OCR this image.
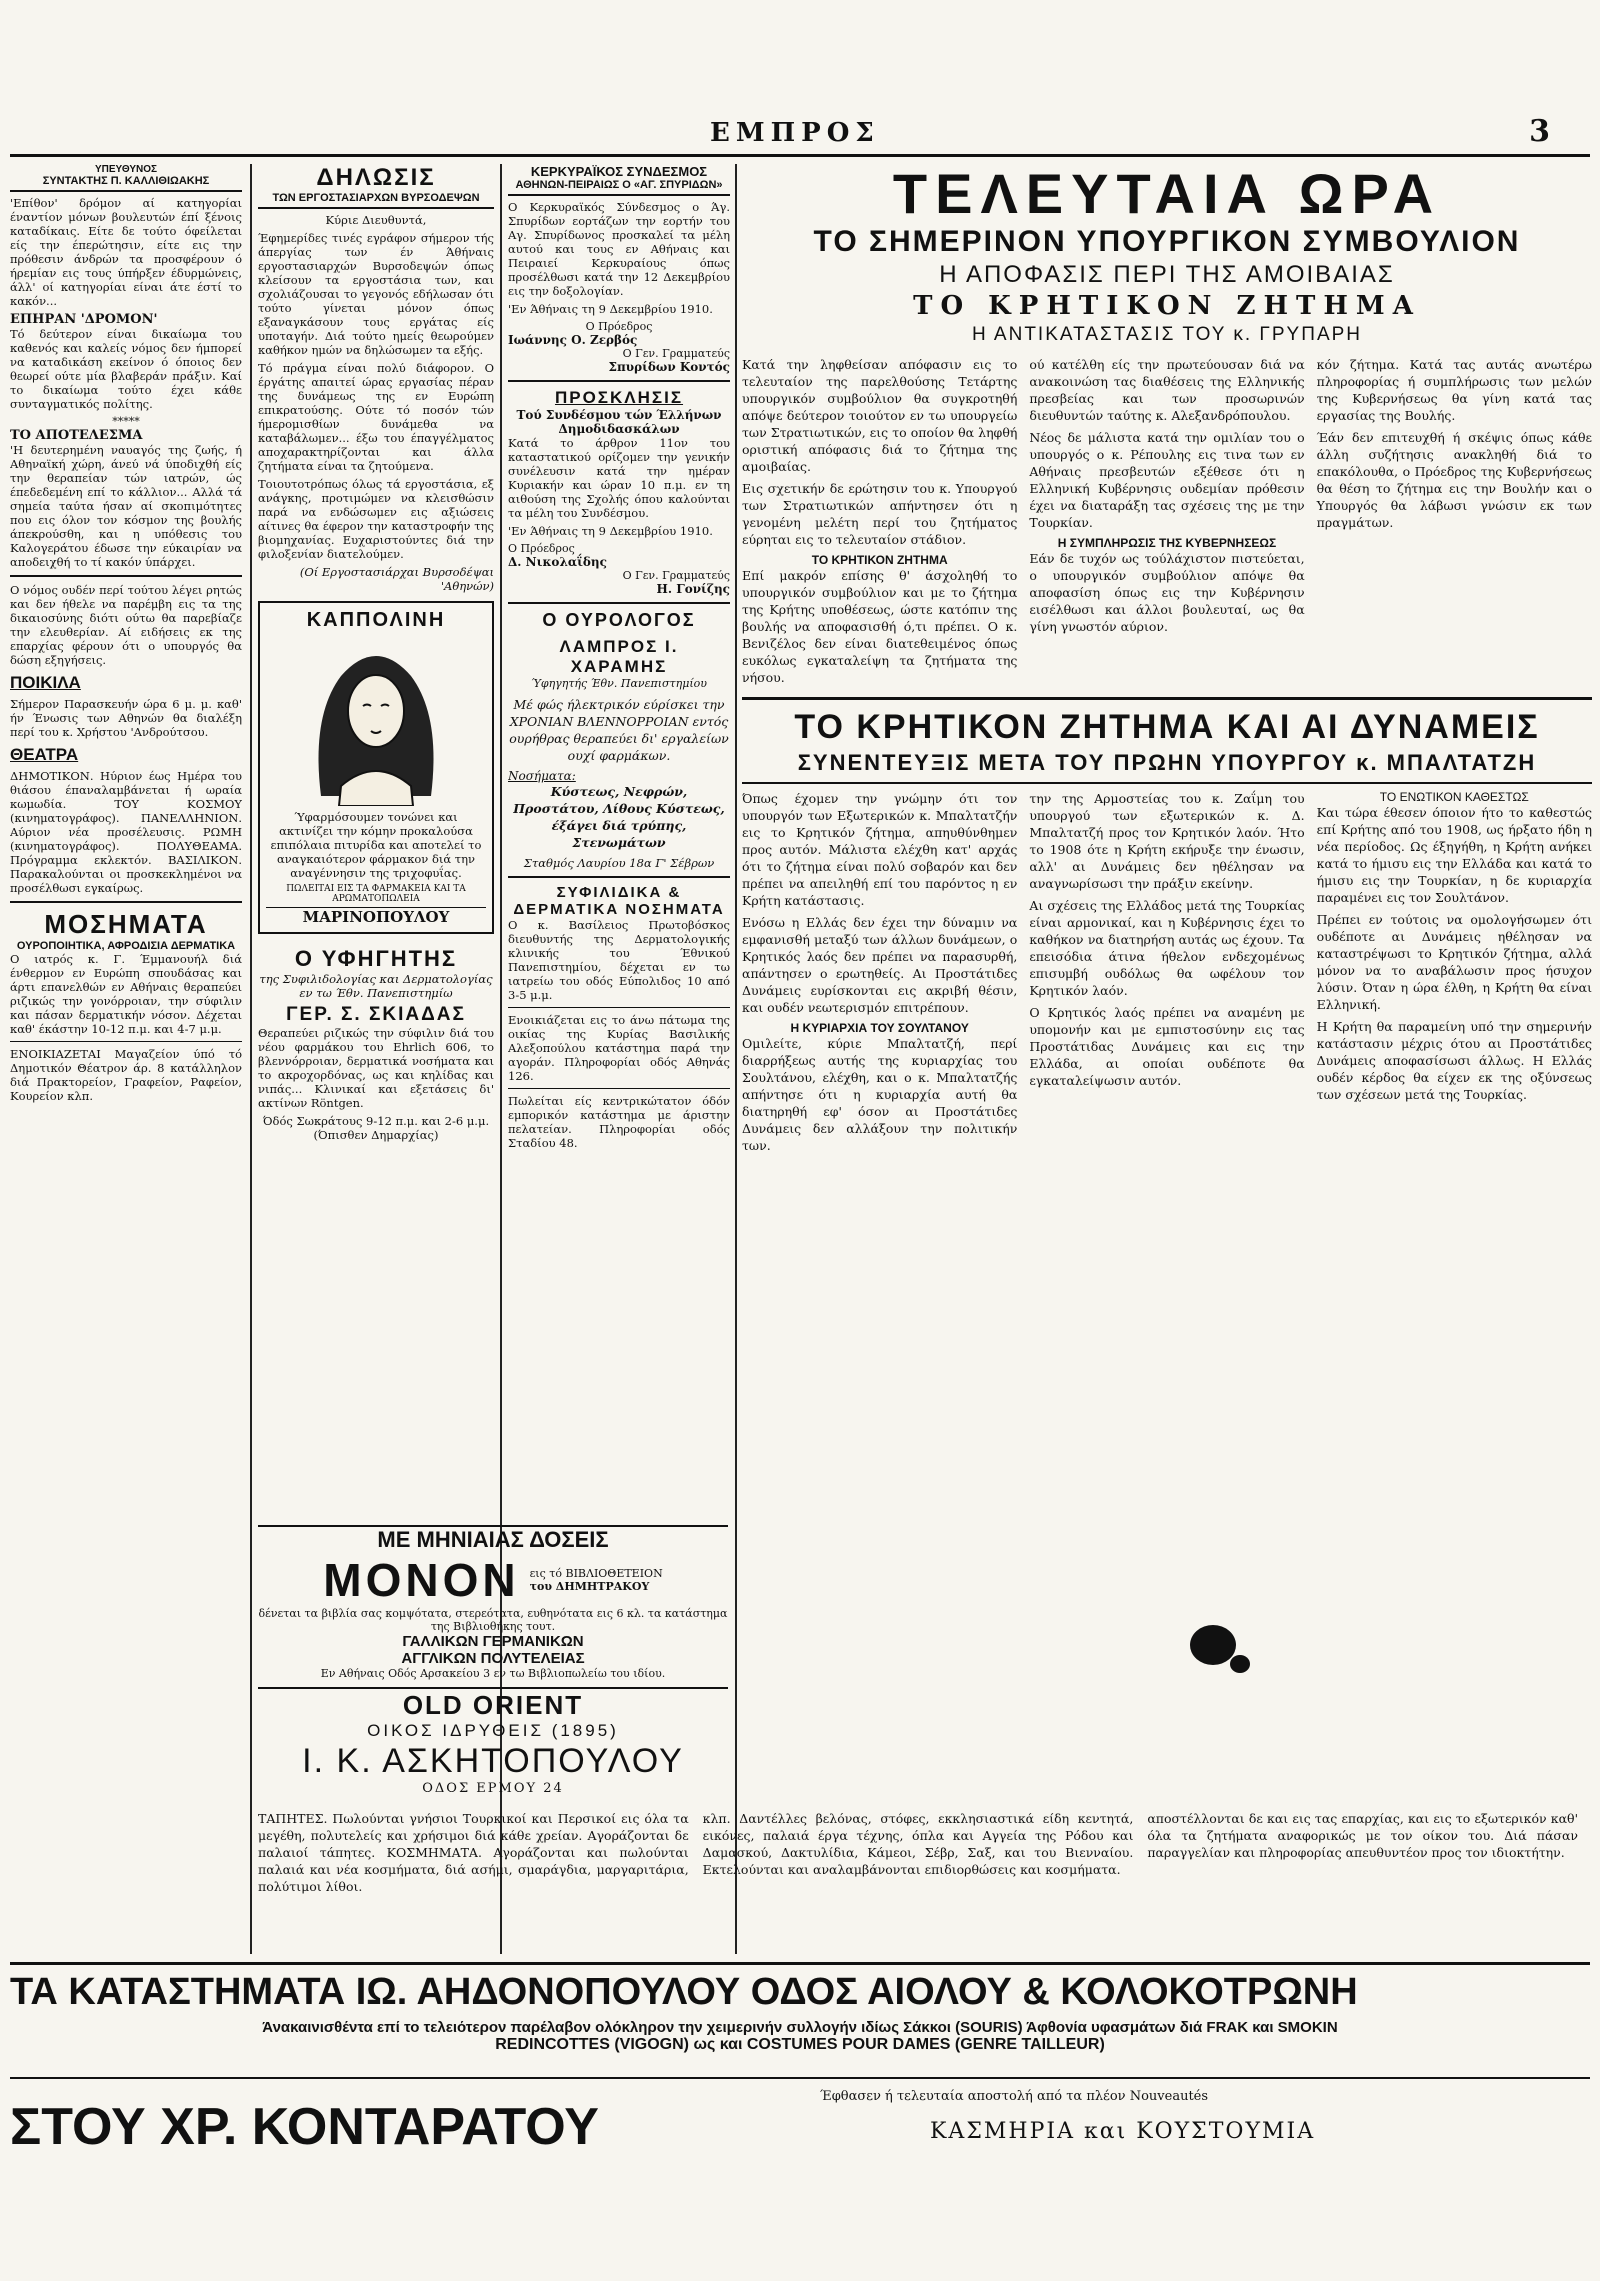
ΕΜΠΡΟΣ	3
ΥΠΕΥΘΥΝΟΣ
ΣΥΝΤΑΚΤΗΣ Π. ΚΑΛΛΙΘΙΩΑΚΗΣ

'Επίθον' δρόμον αί κατηγορίαι έναντίον μόνων βουλευτών έπί ξένοις καταδίκαις. Είτε δε τούτο όφείλεται είς την έπερώτησιν, είτε εις την πρόθεσιν άνδρών τα προσφέρουν ό ήρεμίαν εις τους ύπήρξεν έδυρμώνεις, άλλ' οί κατηγορίαι είναι άτε έστί το κακόν...

ΕΠΗΡΑΝ 'ΔΡΟΜΟΝ'

Τό δεύτερον είναι δικαίωμα του καθενός και καλείς νόμος δεν ήμπορεί να καταδικάση εκείνον ό όποιος δεν θεωρεί ούτε μία βλαβεράν πράξιν. Καί το δικαίωμα τούτο έχει κάθε συνταγματικός πολίτης.

*****
ΤΟ ΑΠΟΤΕΛΕΣΜΑ

'Η δευτερημένη ναυαγός της ζωής, ή Αθηναϊκή χώρη, άνεύ νά ύποδιχθή είς την θεραπείαν τών ιατρών, ώς έπεδεδεμένη επί το κάλλιον... Αλλά τά σημεία ταύτα ήσαν αί σκοπιμότητες που εις όλον τον κόσμον της βουλής άπεκρούσθη, και η υπόθεσις του Καλογεράτου έδωσε την εύκαιρίαν να αποδειχθή το τί κακόν ύπάρχει.

Ο νόμος ουδέν περί τούτου λέγει ρητώς και δεν ήθελε να παρέμβη εις τα της δικαιοσύνης διότι ούτω θα παρεβίαζε την ελευθερίαν. Αί ειδήσεις εκ της επαρχίας φέρουν ότι ο υπουργός θα δώση εξηγήσεις.

ΠΟΙΚΙΛΑ

Σήμερον Παρασκευήν ώρα 6 μ. μ. καθ' ήν Ένωσις των Αθηνών θα διαλέξη περί του κ. Χρήστου 'Ανδρούτσου.

ΘΕΑΤΡΑ

ΔΗΜΟΤΙΚΟΝ. Ηύριον έως Ημέρα του θιάσου έπαναλαμβάνεται ή ωραία κωμωδία. ΤΟΥ ΚΟΣΜΟΥ (κινηματογράφος). ΠΑΝΕΛΛΗΝΙΟΝ. Αύριον νέα προσέλευσις. ΡΩΜΗ (κινηματογράφος). ΠΟΛΥΘΕΑΜΑ. Πρόγραμμα εκλεκτόν. ΒΑΣΙΛΙΚΟΝ. Παρακαλούνται οι προσκεκλημένοι να προσέλθωσι εγκαίρως.

ΜΟΣΗΜΑΤΑ
ΟΥΡΟΠΟΙΗΤΙΚΑ, ΑΦΡΟΔΙΣΙΑ ΔΕΡΜΑΤΙΚΑ

Ο ιατρός κ. Γ. Έμμανουήλ διά ένθερμον εν Ευρώπη σπουδάσας και άρτι επανελθών εν Αθήναις θεραπεύει ριζικώς την γονόρροιαν, την σύφιλιν και πάσαν δερματικήν νόσον. Δέχεται καθ' έκάστην 10-12 π.μ. και 4-7 μ.μ.

ΕΝΟΙΚΙΑΖΕΤΑΙ Μαγαζείον ύπό τό Δημοτικόν Θέατρον άρ. 8 κατάλληλον διά Πρακτορείον, Γραφείον, Ραφείον, Κουρείον κλπ.

ΔΗΛΩΣΙΣ
ΤΩΝ ΕΡΓΟΣΤΑΣΙΑΡΧΩΝ ΒΥΡΣΟΔΕΨΩΝ

Κύριε Διευθυντά,

Έφημερίδες τινές εγράφον σήμερον τής άπεργίας των έν Άθήναις εργοστασιαρχών Βυρσοδεψών όπως κλείσουν τα εργοστάσια των, και σχολιάζουσαι το γεγονός εδήλωσαν ότι τούτο γίνεται μόνον όπως εξαναγκάσουν τους εργάτας είς υποταγήν. Διά τούτο ημείς θεωρούμεν καθήκον ημών να δηλώσωμεν τα εξής.

Τό πράγμα είναι πολύ διάφορον. Ο έργάτης απαιτεί ώρας εργασίας πέραν της δυνάμεως της εν Ευρώπη επικρατούσης. Ούτε τό ποσόν τών ήμερομισθίων δυνάμεθα να καταβάλωμεν... έξω του έπαγγέλματος αποχαρακτηρίζονται και άλλα ζητήματα είναι τα ζητούμενα.

Τοιουτοτρόπως όλως τά εργοστάσια, εξ ανάγκης, προτιμώμεν να κλεισθώσιν παρά να ενδώσωμεν εις αξιώσεις αίτινες θα έφερον την καταστροφήν της βιομηχανίας. Ευχαριστούντες διά την φιλοξενίαν διατελούμεν.

(Οί Εργοστασιάρχαι Βυρσοδέψαι 'Αθηνών)

ΚΑΠΠΟΛΙΝΗ

Ύφαρμόσουμεν τονώνει και ακτινίζει την κόμην προκαλούσα επιπόλαια πιτυρίδα και αποτελεί το αναγκαιότερον φάρμακον διά την αναγέννησιν της τριχοφυΐας.

ΠΩΛΕΙΤΑΙ ΕΙΣ ΤΑ ΦΑΡΜΑΚΕΙΑ ΚΑΙ ΤΑ ΑΡΩΜΑΤΟΠΩΛΕΙΑ
ΜΑΡΙΝΟΠΟΥΛΟΥ
Ο ΥΦΗΓΗΤΗΣ

της Συφιλιδολογίας και Δερματολογίας εν τω Έθν. Πανεπιστημίω

ΓΕΡ. Σ. ΣΚΙΑΔΑΣ

Θεραπεύει ριζικώς την σύφιλιν διά του νέου φαρμάκου του Ehrlich 606, το βλεννόρροιαν, δερματικά νοσήματα και το ακροχορδόνας, ως και κηλίδας και νιπάς... Κλινικαί και εξετάσεις δι' ακτίνων Röntgen.

Όδός Σωκράτους 9-12 π.μ. και 2-6 μ.μ. (Όπισθεν Δημαρχίας)

ΚΕΡΚΥΡΑΪΚΟΣ ΣΥΝΔΕΣΜΟΣ
ΑΘΗΝΩΝ-ΠΕΙΡΑΙΩΣ Ο «ΑΓ. ΣΠΥΡΙΔΩΝ»

Ο Κερκυραϊκός Σύνδεσμος ο Άγ. Σπυρίδων εορτάζων την εορτήν του Αγ. Σπυρίδωνος προσκαλεί τα μέλη αυτού και τους εν Αθήναις και Πειραιεί Κερκυραίους όπως προσέλθωσι κατά την 12 Δεκεμβρίου εις την δοξολογίαν.

'Εν Άθήναις τη 9 Δεκεμβρίου 1910.

Ο Πρόεδρος
Ιωάννης Ο. Ζερβός
Ο Γεν. Γραμματεύς
Σπυρίδων Κοντός
ΠΡΟΣΚΛΗΣΙΣ
Τού Συνδέσμου τών Έλλήνων Δημοδιδασκάλων

Κατά το άρθρον 11ον του καταστατικού ορίζομεν την γενικήν συνέλευσιν κατά την ημέραν Κυριακήν και ώραν 10 π.μ. εν τη αιθούση της Σχολής όπου καλούνται τα μέλη του Συνδέσμου.

'Εν Άθήναις τη 9 Δεκεμβρίου 1910.

Ο Πρόεδρος
Δ. Νικολαΐδης
Ο Γεν. Γραμματεύς
Η. Γονίζης
Ο ΟΥΡΟΛΟΓΟΣ
ΛΑΜΠΡΟΣ Ι. ΧΑΡΑΜΗΣ
Ύφηγητής Έθν. Πανεπιστημίου

Μέ φώς ήλεκτρικόν εύρίσκει την ΧΡΟΝΙΑΝ ΒΛΕΝΝΟΡΡΟΙΑΝ εντός ουρήθρας θεραπεύει δι' εργαλείων ουχί φαρμάκων.

Νοσήματα:

Κύστεως, Νεφρών, Προστάτου, Λίθους Κύστεως, έξάγει διά τρύπης, Στενωμάτων

Σταθμός Λαυρίου 18α Γ' Σέβρων

ΣΥΦΙΛΙΔΙΚΑ & ΔΕΡΜΑΤΙΚΑ ΝΟΣΗΜΑΤΑ

Ο κ. Βασίλειος Πρωτοβόσκος διευθυντής της Δερματολογικής κλινικής του Έθνικού Πανεπιστημίου, δέχεται εν τω ιατρείω του οδός Εύπολιδος 10 από 3-5 μ.μ.

Ενοικιάζεται εις το άνω πάτωμα της οικίας της Κυρίας Βασιλικής Αλεξοπούλου κατάστημα παρά την αγοράν. Πληροφορίαι οδός Αθηνάς 126.

Πωλείται είς κεντρικώτατον όδόν εμπορικόν κατάστημα με άριστην πελατείαν. Πληροφορίαι οδός Σταδίου 48.

ΤΕΛΕΥΤΑΙΑ ΩΡΑ
ΤΟ ΣΗΜΕΡΙΝΟΝ ΥΠΟΥΡΓΙΚΟΝ ΣΥΜΒΟΥΛΙΟΝ
Η ΑΠΟΦΑΣΙΣ ΠΕΡΙ ΤΗΣ ΑΜΟΙΒΑΙΑΣ
ΤΟ ΚΡΗΤΙΚΟΝ ΖΗΤΗΜΑ
Η ΑΝΤΙΚΑΤΑΣΤΑΣΙΣ ΤΟΥ κ. ΓΡΥΠΑΡΗ

Κατά την ληφθείσαν απόφασιν εις το τελευταίον της παρελθούσης Τετάρτης υπουργικόν συμβούλιον θα συγκροτηθή απόψε δεύτερον τοιούτον εν τω υπουργείω των Στρατιωτικών, εις το οποίον θα ληφθή οριστική απόφασις διά το ζήτημα της αμοιβαίας.

Εις σχετικήν δε ερώτησιν του κ. Υπουργού των Στρατιωτικών απήντησεν ότι η γενομένη μελέτη περί του ζητήματος εύρηται εις το τελευταίον στάδιον.

ΤΟ ΚΡΗΤΙΚΟΝ ΖΗΤΗΜΑ

Επί μακρόν επίσης θ' άσχοληθή το υπουργικόν συμβούλιον και με το ζήτημα της Κρήτης υποθέσεως, ώστε κατόπιν της βουλής να αποφασισθή ό,τι πρέπει. Ο κ. Βενιζέλος δεν είναι διατεθειμένος όπως ευκόλως εγκαταλείψη τα ζητήματα της νήσου.

ού κατέλθη είς την πρωτεύουσαν διά να ανακοινώση τας διαθέσεις της Ελληνικής πρεσβείας και των προσωρινών διευθυντών ταύτης κ. Αλεξανδρόπουλου.

Νέος δε μάλιστα κατά την ομιλίαν του ο υπουργός ο κ. Ρέπουλης εις τινα των εν Αθήναις πρεσβευτών εξέθεσε ότι η Ελληνική Κυβέρνησις ουδεμίαν πρόθεσιν έχει να διαταράξη τας σχέσεις της με την Τουρκίαν.

Η ΣΥΜΠΛΗΡΩΣΙΣ ΤΗΣ ΚΥΒΕΡΝΗΣΕΩΣ

Εάν δε τυχόν ως τούλάχιστον πιστεύεται, ο υπουργικόν συμβούλιον απόψε θα αποφασίση όπως εις την Κυβέρνησιν εισέλθωσι και άλλοι βουλευταί, ως θα γίνη γνωστόν αύριον.

κόν ζήτημα. Κατά τας αυτάς ανωτέρω πληροφορίας ή συμπλήρωσις των μελών της Κυβερνήσεως θα γίνη κατά τας εργασίας της Βουλής.

Έάν δεν επιτευχθή ή σκέψις όπως κάθε άλλη συζήτησις ανακληθή διά το επακόλουθα, ο Πρόεδρος της Κυβερνήσεως θα θέση το ζήτημα εις την Βουλήν και ο Υπουργός θα λάβωσι γνώσιν εκ των πραγμάτων.

ΤΟ ΚΡΗΤΙΚΟΝ ΖΗΤΗΜΑ ΚΑΙ ΑΙ ΔΥΝΑΜΕΙΣ
ΣΥΝΕΝΤΕΥΞΙΣ ΜΕΤΑ ΤΟΥ ΠΡΩΗΝ ΥΠΟΥΡΓΟΥ κ. ΜΠΑΛΤΑΤΖΗ

Όπως έχομεν την γνώμην ότι τον υπουργόν των Εξωτερικών κ. Μπαλτατζήν εις το Κρητικόν ζήτημα, απηυθύνθημεν προς αυτόν. Μάλιστα ελέχθη κατ' αρχάς ότι το ζήτημα είναι πολύ σοβαρόν και δεν πρέπει να απειληθή επί του παρόντος η εν Κρήτη κατάστασις.

Ενόσω η Ελλάς δεν έχει την δύναμιν να εμφανισθή μεταξύ των άλλων δυνάμεων, ο Κρητικός λαός δεν πρέπει να παρασυρθή, απάντησεν ο ερωτηθείς. Αι Προστάτιδες Δυνάμεις ευρίσκονται εις ακριβή θέσιν, και ουδέν νεωτερισμόν επιτρέπουν.

Η ΚΥΡΙΑΡΧΙΑ ΤΟΥ ΣΟΥΛΤΑΝΟΥ

Ομιλείτε, κύριε Μπαλτατζή, περί διαρρήξεως αυτής της κυριαρχίας του Σουλτάνου, ελέχθη, και ο κ. Μπαλτατζής απήντησε ότι η κυριαρχία αυτή θα διατηρηθή εφ' όσον αι Προστάτιδες Δυνάμεις δεν αλλάξουν την πολιτικήν των.

την της Αρμοστείας του κ. Ζαΐμη του υπουργού των εξωτερικών κ. Δ. Μπαλτατζή προς τον Κρητικόν λαόν. Ήτο το 1908 ότε η Κρήτη εκήρυξε την ένωσιν, αλλ' αι Δυνάμεις δεν ηθέλησαν να αναγνωρίσωσι την πράξιν εκείνην.

Αι σχέσεις της Ελλάδος μετά της Τουρκίας είναι αρμονικαί, και η Κυβέρνησις έχει το καθήκον να διατηρήση αυτάς ως έχουν. Τα επεισόδια άτινα ήθελον ενδεχομένως επισυμβή ουδόλως θα ωφέλουν τον Κρητικόν λαόν.

Ο Κρητικός λαός πρέπει να αναμένη με υπομονήν και με εμπιστοσύνην εις τας Προστάτιδας Δυνάμεις και εις την Ελλάδα, αι οποίαι ουδέποτε θα εγκαταλείψωσιν αυτόν.

ΤΟ ΕΝΩΤΙΚΟΝ ΚΑΘΕΣΤΩΣ

Και τώρα έθεσεν όποιον ήτο το καθεστώς επί Κρήτης από του 1908, ως ήρξατο ήδη η νέα περίοδος. Ως έξηγήθη, η Κρήτη ανήκει κατά το ήμισυ εις την Ελλάδα και κατά το ήμισυ εις την Τουρκίαν, η δε κυριαρχία παραμένει εις τον Σουλτάνον.

Πρέπει εν τούτοις να ομολογήσωμεν ότι ουδέποτε αι Δυνάμεις ηθέλησαν να καταστρέψωσι το Κρητικόν ζήτημα, αλλά μόνον να το αναβάλωσιν προς ήσυχον λύσιν. Όταν η ώρα έλθη, η Κρήτη θα είναι Ελληνική.

Η Κρήτη θα παραμείνη υπό την σημερινήν κατάστασιν μέχρις ότου αι Προστάτιδες Δυνάμεις αποφασίσωσι άλλως. Η Ελλάς ουδέν κέρδος θα είχεν εκ της οξύνσεως των σχέσεων μετά της Τουρκίας.

ΜΕ ΜΗΝΙΑΙΑΣ ΔΟΣΕΙΣ
ΜΟΝΟΝ εις τό ΒΙΒΛΙΟΘΕΤΕΙΟΝ
του ΔΗΜΗΤΡΑΚΟΥ
δένεται τα βιβλία σας κομψότατα, στερεότατα, ευθηνότατα εις 6 κλ. τα κατάστημα της Βιβλιοθήκης τουτ.
ΓΑΛΛΙΚΩΝ ΓΕΡΜΑΝΙΚΩΝ
ΑΓΓΛΙΚΩΝ ΠΟΛΥΤΕΛΕΙΑΣ
Εν Αθήναις Οδός Αρσακείου 3 εν τω Βιβλιοπωλείω του ιδίου.
OLD ORIENT
ΟΙΚΟΣ ΙΔΡΥΘΕΙΣ (1895)
Ι. Κ. ΑΣΚΗΤΟΠΟΥΛΟΥ
ΟΔΟΣ ΕΡΜΟΥ 24

ΤΑΠΗΤΕΣ. Πωλούνται γνήσιοι Τουρκικοί και Περσικοί εις όλα τα μεγέθη, πολυτελείς και χρήσιμοι διά κάθε χρείαν. Αγοράζονται δε παλαιοί τάπητες. ΚΟΣΜΗΜΑΤΑ. Αγοράζονται και πωλούνται παλαιά και νέα κοσμήματα, διά ασήμι, σμαράγδια, μαργαριτάρια, πολύτιμοι λίθοι.

κλπ. Δαντέλλες βελόνας, στόφες, εκκλησιαστικά είδη κεντητά, εικόνες, παλαιά έργα τέχνης, όπλα και Αγγεία της Ρόδου και Δαμασκού, Δακτυλίδια, Κάμεοι, Σέβρ, Σαξ, και του Βιενναίου. Εκτελούνται και αναλαμβάνονται επιδιορθώσεις και κοσμήματα.

αποστέλλονται δε και εις τας επαρχίας, και εις το εξωτερικόν καθ' όλα τα ζητήματα αναφορικώς με τον οίκον του. Διά πάσαν παραγγελίαν και πληροφορίας απευθυντέον προς τον ιδιοκτήτην.

ΤΑ ΚΑΤΑΣΤΗΜΑΤΑ ΙΩ. ΑΗΔΟΝΟΠΟΥΛΟΥ ΟΔΟΣ ΑΙΟΛΟΥ & ΚΟΛΟΚΟΤΡΩΝΗ
Άνακαινισθέντα επί το τελειότερον παρέλαβον ολόκληρον την χειμερινήν συλλογήν ιδίως Σάκκοι (SOURIS) Άφθονία υφασμάτων διά FRAK και SMOKIN
REDINCOTTES (VIGOGN) ως και COSTUMES POUR DAMES (GENRE TAILLEUR)
ΣΤΟΥ ΧΡ. ΚΟΝΤΑΡΑΤΟΥ
Έφθασεν ή τελευταία αποστολή από τα πλέον Nouveautés
ΚΑΣΜΗΡΙΑ και ΚΟΥΣΤΟΥΜΙΑ
